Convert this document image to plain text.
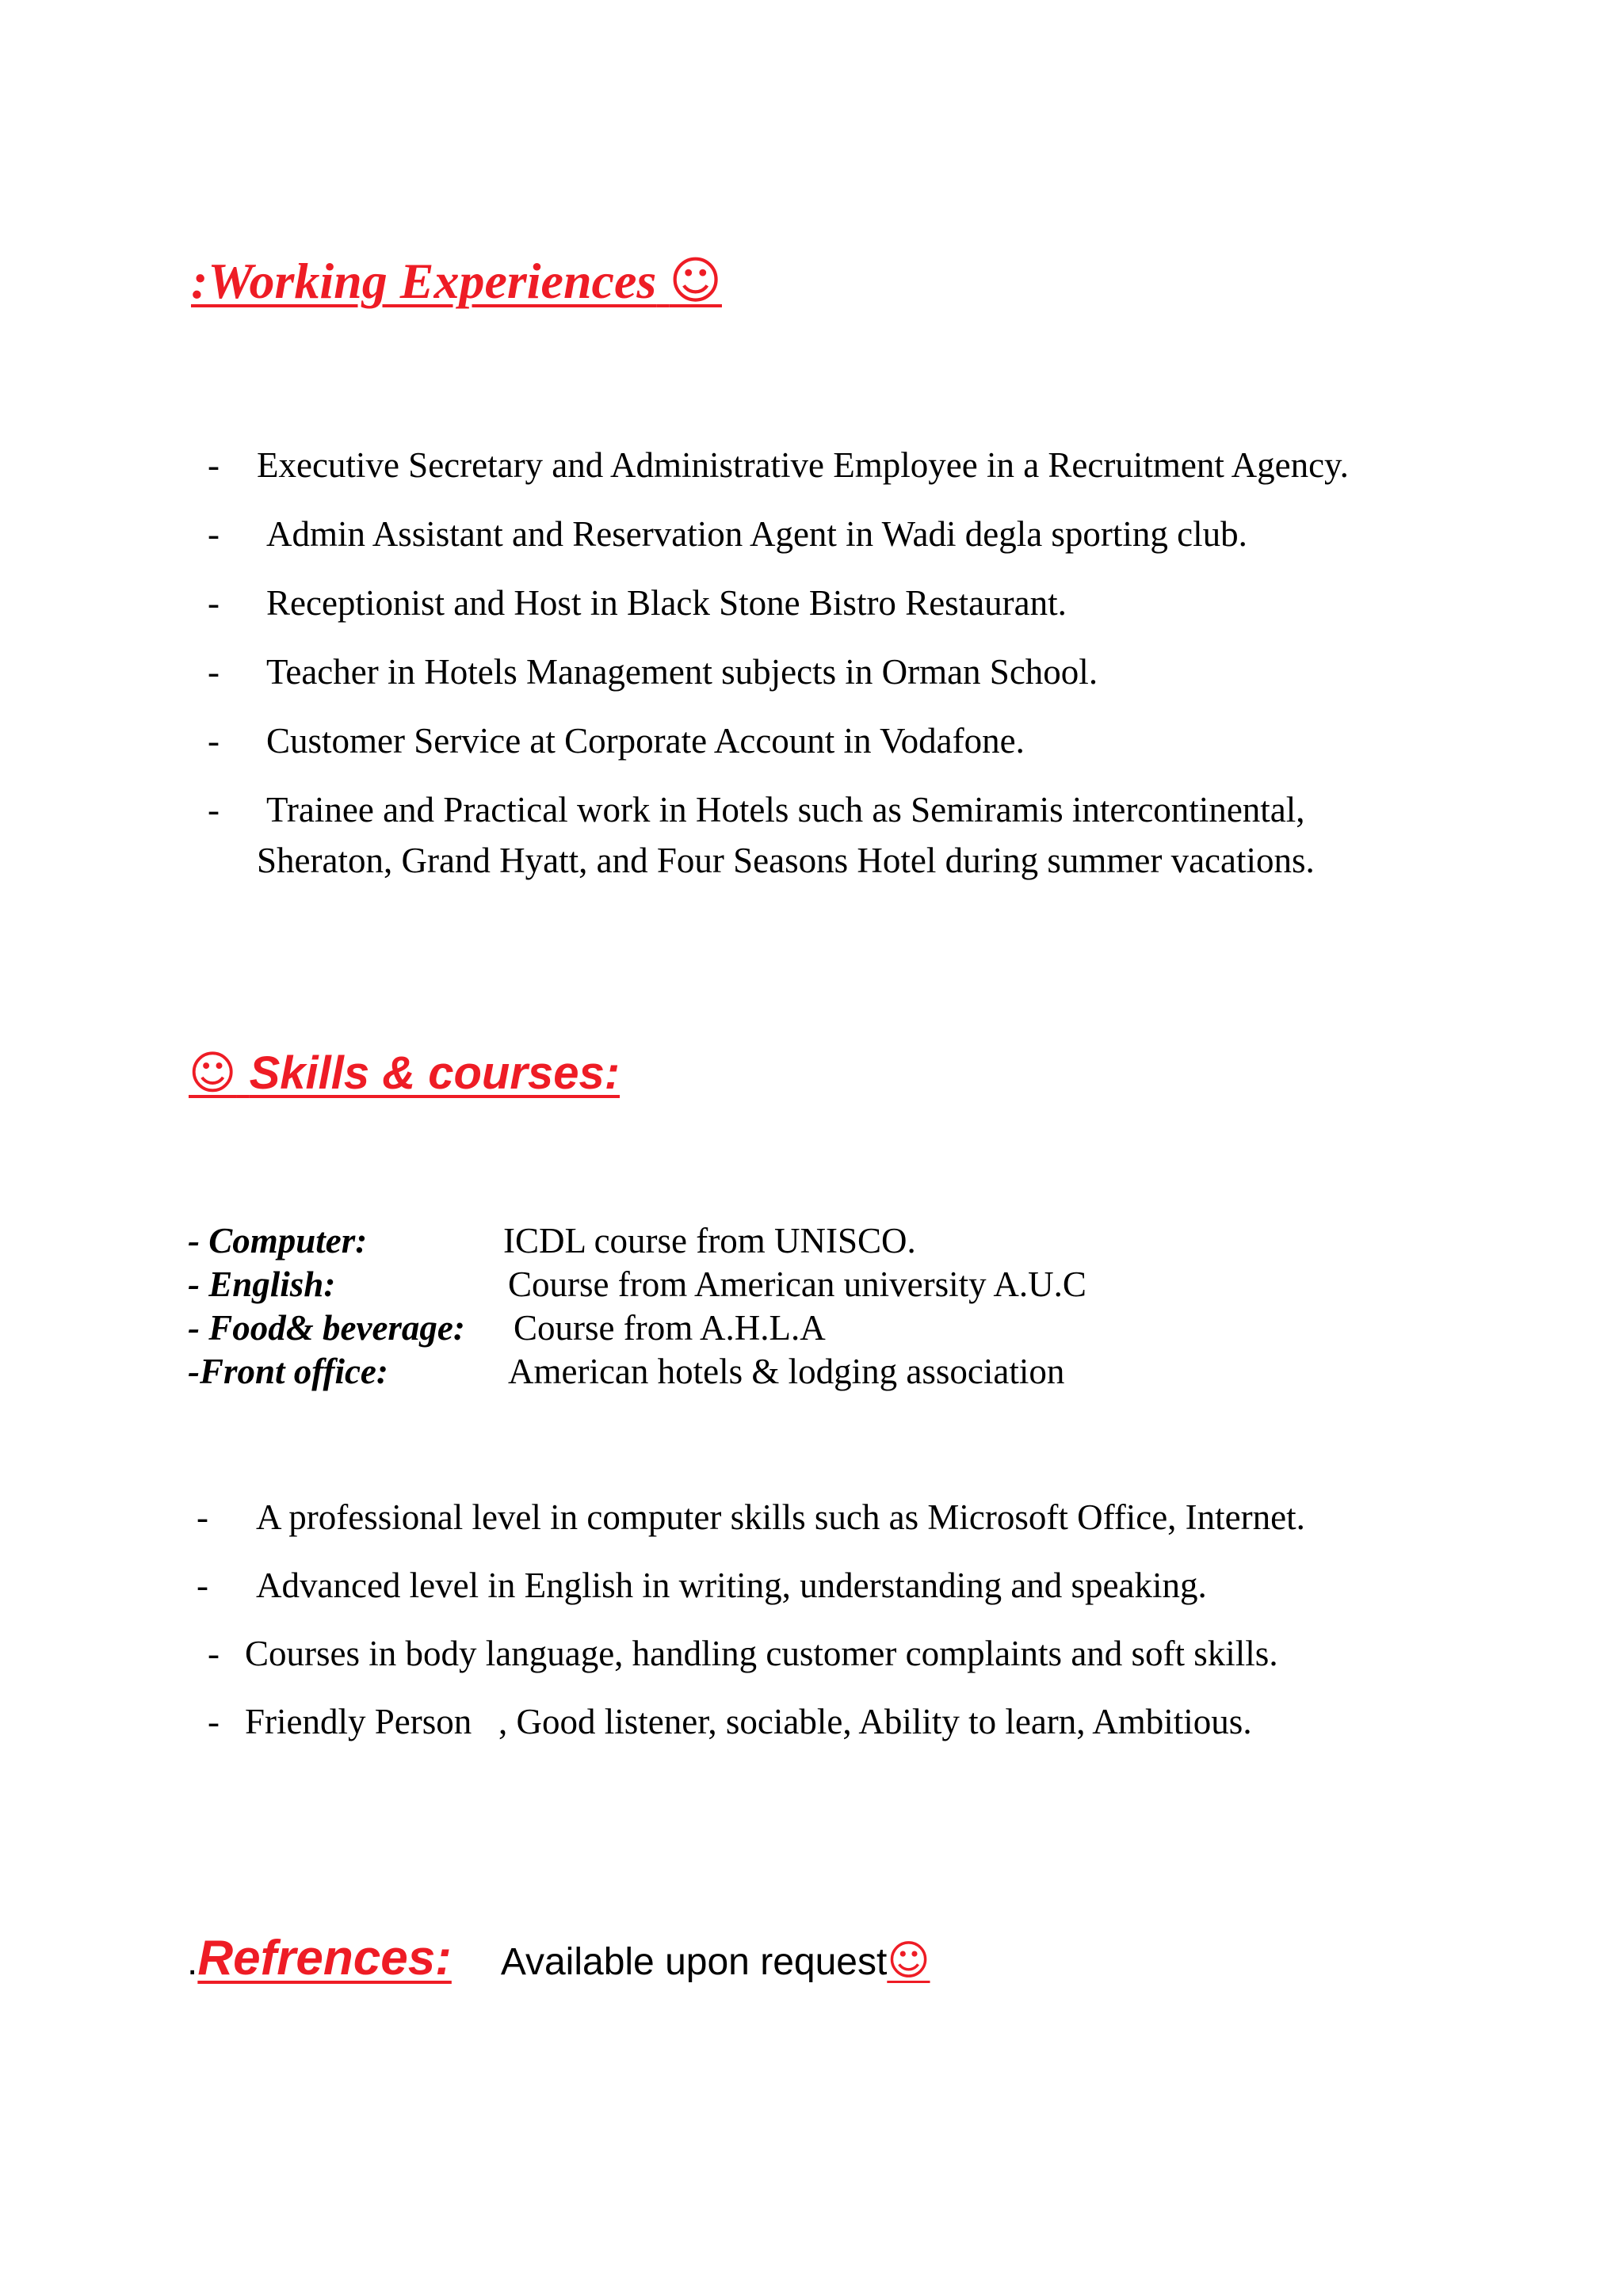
:Working Experiences ☺
- Executive Secretary and Administrative Employee in a Recruitment Agency.
- Admin Assistant and Reservation Agent in Wadi degla sporting club.
- Receptionist and Host in Black Stone Bistro Restaurant.
- Teacher in Hotels Management subjects in Orman School.
- Customer Service at Corporate Account in Vodafone.
- Trainee and Practical work in Hotels such as Semiramis intercontinental,
Sheraton, Grand Hyatt, and Four Seasons Hotel during summer vacations.
☺ Skills & courses:
- Computer:	ICDL course from UNISCO.
- English:	Course from American university A.U.C
- Food& beverage: Course from A.H.L.A
-Front office:	American hotels & lodging association
- A professional level in computer skills such as Microsoft Office, Internet.
- Advanced level in English in writing, understanding and speaking.
- Courses in body language, handling customer complaints and soft skills.
- Friendly Person   , Good listener, sociable, Ability to learn, Ambitious.
.Refrences: Available upon request☺
